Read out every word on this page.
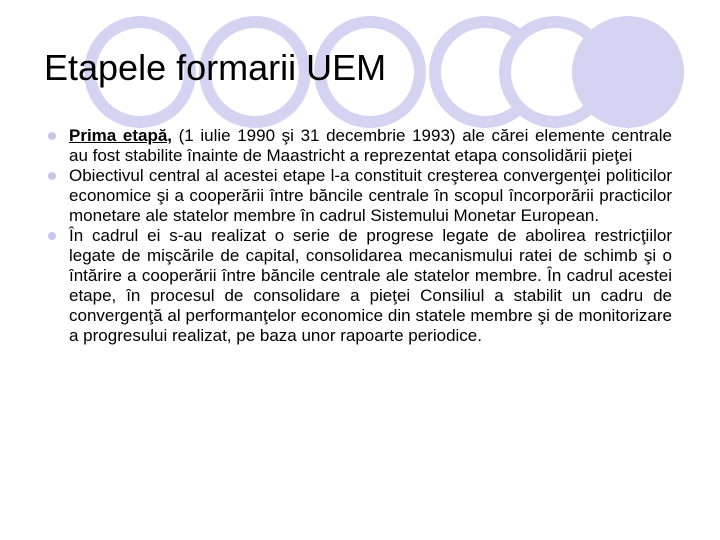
Etapele formarii UEM
Prima etapă, (1 iulie 1990 şi 31 decembrie 1993) ale cărei elemente centrale au fost stabilite înainte de Maastricht a reprezentat etapa consolidării pieţei
Obiectivul central al acestei etape l-a constituit creşterea convergenţei politicilor economice şi a cooperării între băncile centrale în scopul încorporării practicilor monetare ale statelor membre în cadrul Sistemului Monetar European.
În cadrul ei s-au realizat o serie de progrese legate de abolirea restricţiilor legate de mişcările de capital, consolidarea mecanismului ratei de schimb şi o întărire a cooperării între băncile centrale ale statelor membre. În cadrul acestei etape, în procesul de consolidare a pieţei Consiliul a stabilit un cadru de convergenţă al performanţelor economice din statele membre şi de monitorizare a progresului realizat, pe baza unor rapoarte periodice.
